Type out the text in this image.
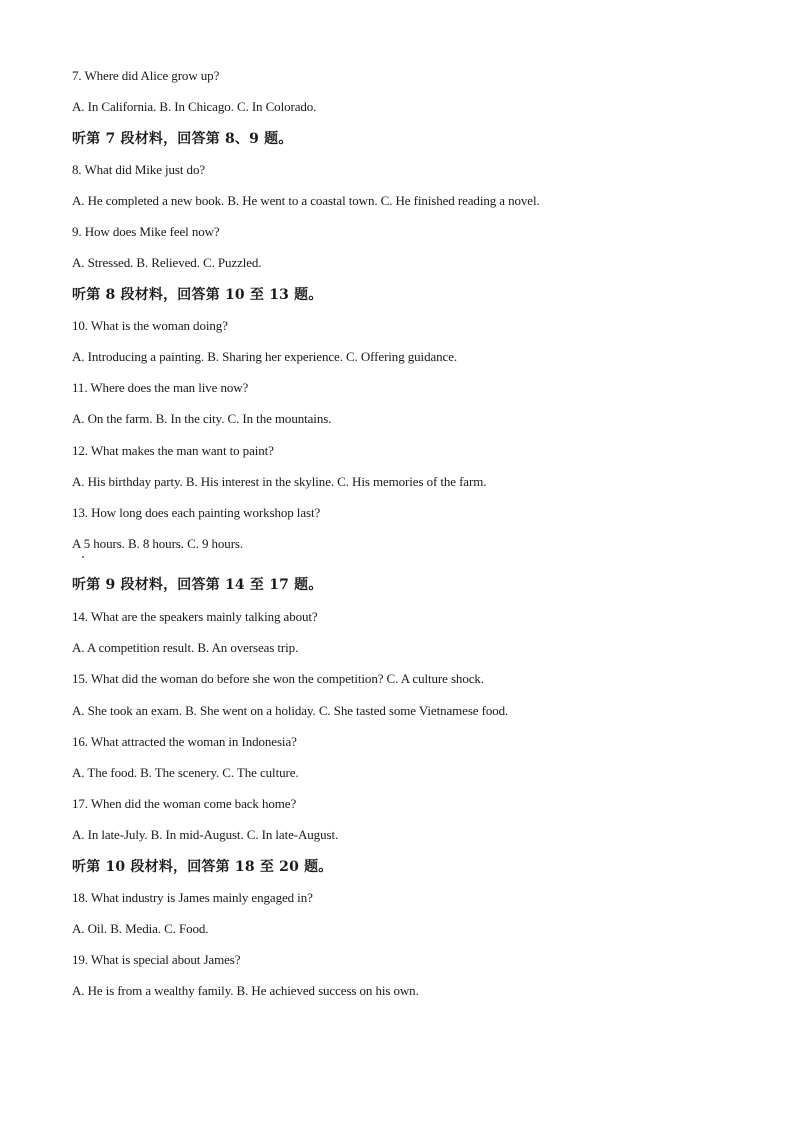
7. Where did Alice grow up?
A. In California. B. In Chicago. C. In Colorado.
听第 7 段材料，回答第 8、9 题。
8. What did Mike just do?
A. He completed a new book. B. He went to a coastal town. C. He finished reading a novel.
9. How does Mike feel now?
A. Stressed. B. Relieved. C. Puzzled.
听第 8 段材料，回答第 10 至 13 题。
10. What is the woman doing?
A. Introducing a painting. B. Sharing her experience. C. Offering guidance.
11. Where does the man live now?
A. On the farm. B. In the city. C. In the mountains.
12. What makes the man want to paint?
A. His birthday party. B. His interest in the skyline. C. His memories of the farm.
13. How long does each painting workshop last?
A 5 hours. B. 8 hours. C. 9 hours.
听第 9 段材料，回答第 14 至 17 题。
14. What are the speakers mainly talking about?
A. A competition result. B. An overseas trip.
15. What did the woman do before she won the competition? C. A culture shock.
A. She took an exam. B. She went on a holiday. C. She tasted some Vietnamese food.
16. What attracted the woman in Indonesia?
A. The food. B. The scenery. C. The culture.
17. When did the woman come back home?
A. In late-July. B. In mid-August. C. In late-August.
听第 10 段材料，回答第 18 至 20 题。
18. What industry is James mainly engaged in?
A. Oil. B. Media. C. Food.
19. What is special about James?
A. He is from a wealthy family. B. He achieved success on his own.
